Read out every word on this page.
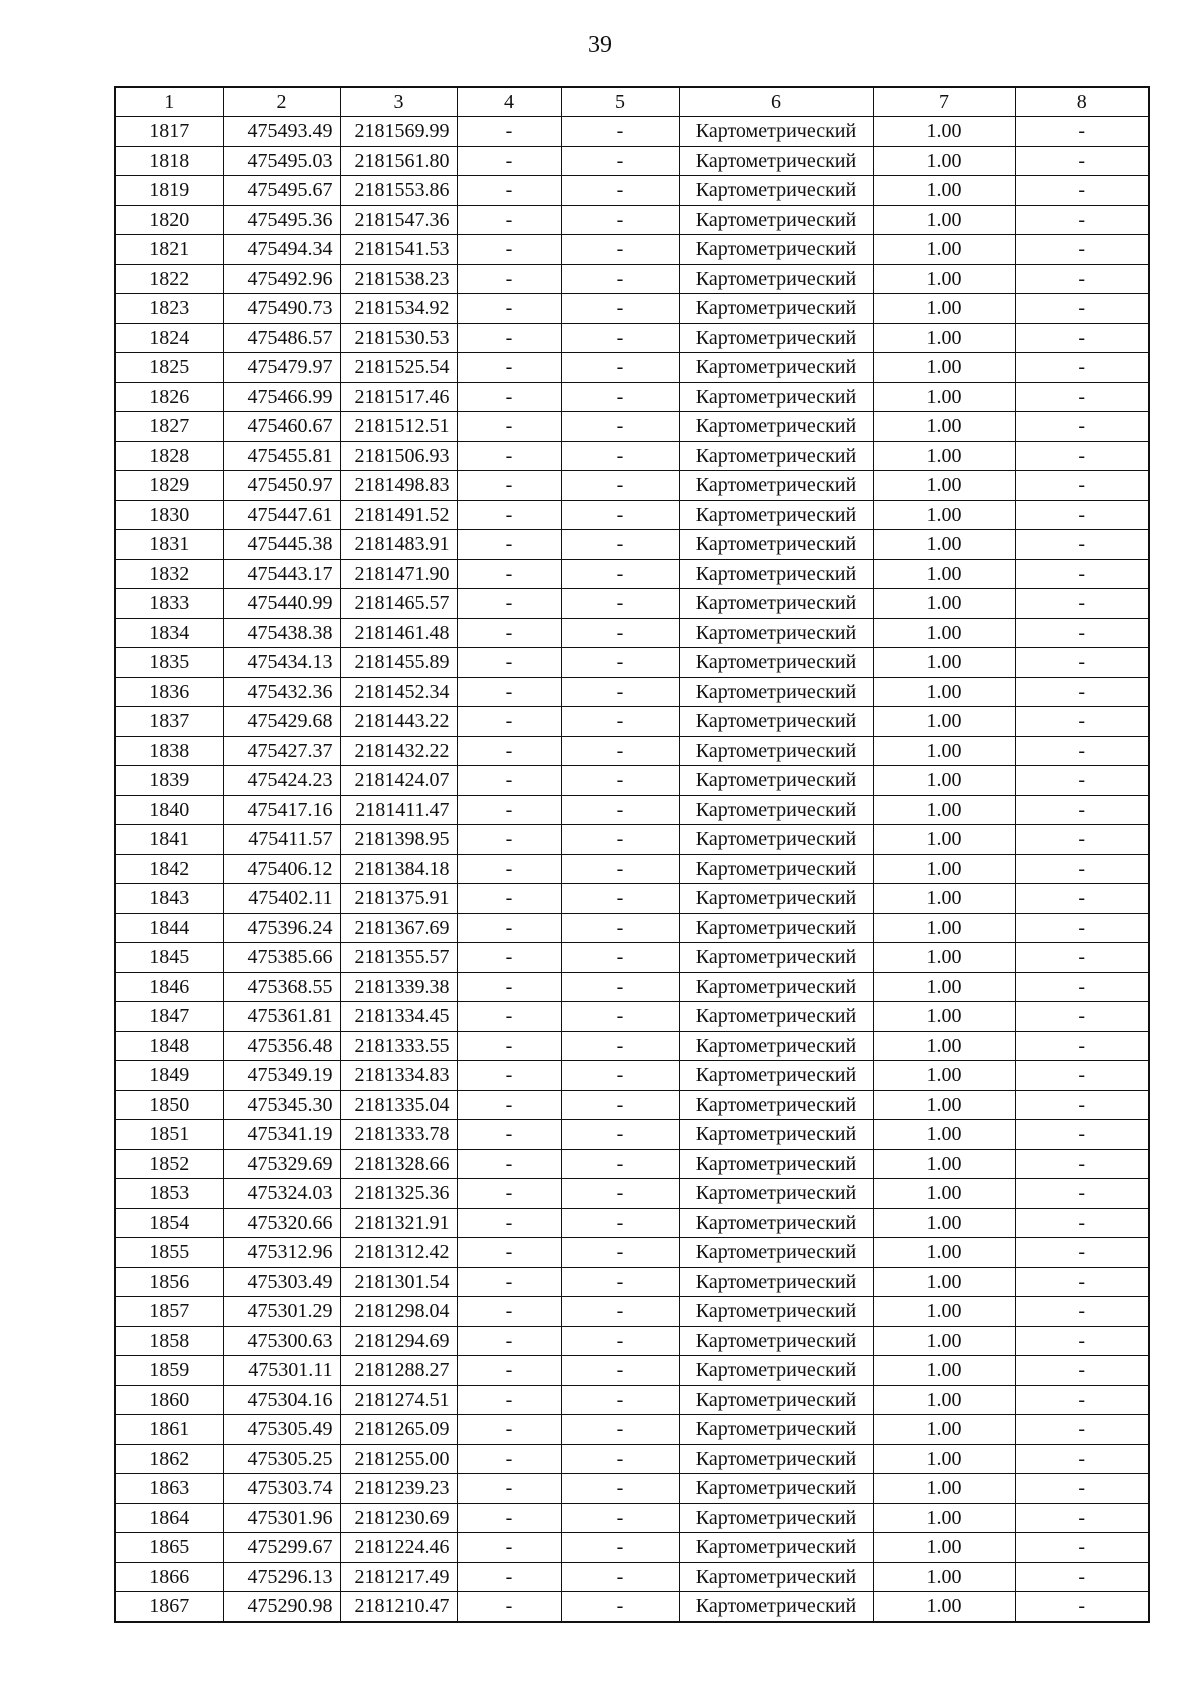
39
1	2	3	4	5	6	7	8
1817	475493.49	2181569.99	-	-	Картометрический	1.00	-
1818	475495.03	2181561.80	-	-	Картометрический	1.00	-
1819	475495.67	2181553.86	-	-	Картометрический	1.00	-
1820	475495.36	2181547.36	-	-	Картометрический	1.00	-
1821	475494.34	2181541.53	-	-	Картометрический	1.00	-
1822	475492.96	2181538.23	-	-	Картометрический	1.00	-
1823	475490.73	2181534.92	-	-	Картометрический	1.00	-
1824	475486.57	2181530.53	-	-	Картометрический	1.00	-
1825	475479.97	2181525.54	-	-	Картометрический	1.00	-
1826	475466.99	2181517.46	-	-	Картометрический	1.00	-
1827	475460.67	2181512.51	-	-	Картометрический	1.00	-
1828	475455.81	2181506.93	-	-	Картометрический	1.00	-
1829	475450.97	2181498.83	-	-	Картометрический	1.00	-
1830	475447.61	2181491.52	-	-	Картометрический	1.00	-
1831	475445.38	2181483.91	-	-	Картометрический	1.00	-
1832	475443.17	2181471.90	-	-	Картометрический	1.00	-
1833	475440.99	2181465.57	-	-	Картометрический	1.00	-
1834	475438.38	2181461.48	-	-	Картометрический	1.00	-
1835	475434.13	2181455.89	-	-	Картометрический	1.00	-
1836	475432.36	2181452.34	-	-	Картометрический	1.00	-
1837	475429.68	2181443.22	-	-	Картометрический	1.00	-
1838	475427.37	2181432.22	-	-	Картометрический	1.00	-
1839	475424.23	2181424.07	-	-	Картометрический	1.00	-
1840	475417.16	2181411.47	-	-	Картометрический	1.00	-
1841	475411.57	2181398.95	-	-	Картометрический	1.00	-
1842	475406.12	2181384.18	-	-	Картометрический	1.00	-
1843	475402.11	2181375.91	-	-	Картометрический	1.00	-
1844	475396.24	2181367.69	-	-	Картометрический	1.00	-
1845	475385.66	2181355.57	-	-	Картометрический	1.00	-
1846	475368.55	2181339.38	-	-	Картометрический	1.00	-
1847	475361.81	2181334.45	-	-	Картометрический	1.00	-
1848	475356.48	2181333.55	-	-	Картометрический	1.00	-
1849	475349.19	2181334.83	-	-	Картометрический	1.00	-
1850	475345.30	2181335.04	-	-	Картометрический	1.00	-
1851	475341.19	2181333.78	-	-	Картометрический	1.00	-
1852	475329.69	2181328.66	-	-	Картометрический	1.00	-
1853	475324.03	2181325.36	-	-	Картометрический	1.00	-
1854	475320.66	2181321.91	-	-	Картометрический	1.00	-
1855	475312.96	2181312.42	-	-	Картометрический	1.00	-
1856	475303.49	2181301.54	-	-	Картометрический	1.00	-
1857	475301.29	2181298.04	-	-	Картометрический	1.00	-
1858	475300.63	2181294.69	-	-	Картометрический	1.00	-
1859	475301.11	2181288.27	-	-	Картометрический	1.00	-
1860	475304.16	2181274.51	-	-	Картометрический	1.00	-
1861	475305.49	2181265.09	-	-	Картометрический	1.00	-
1862	475305.25	2181255.00	-	-	Картометрический	1.00	-
1863	475303.74	2181239.23	-	-	Картометрический	1.00	-
1864	475301.96	2181230.69	-	-	Картометрический	1.00	-
1865	475299.67	2181224.46	-	-	Картометрический	1.00	-
1866	475296.13	2181217.49	-	-	Картометрический	1.00	-
1867	475290.98	2181210.47	-	-	Картометрический	1.00	-
